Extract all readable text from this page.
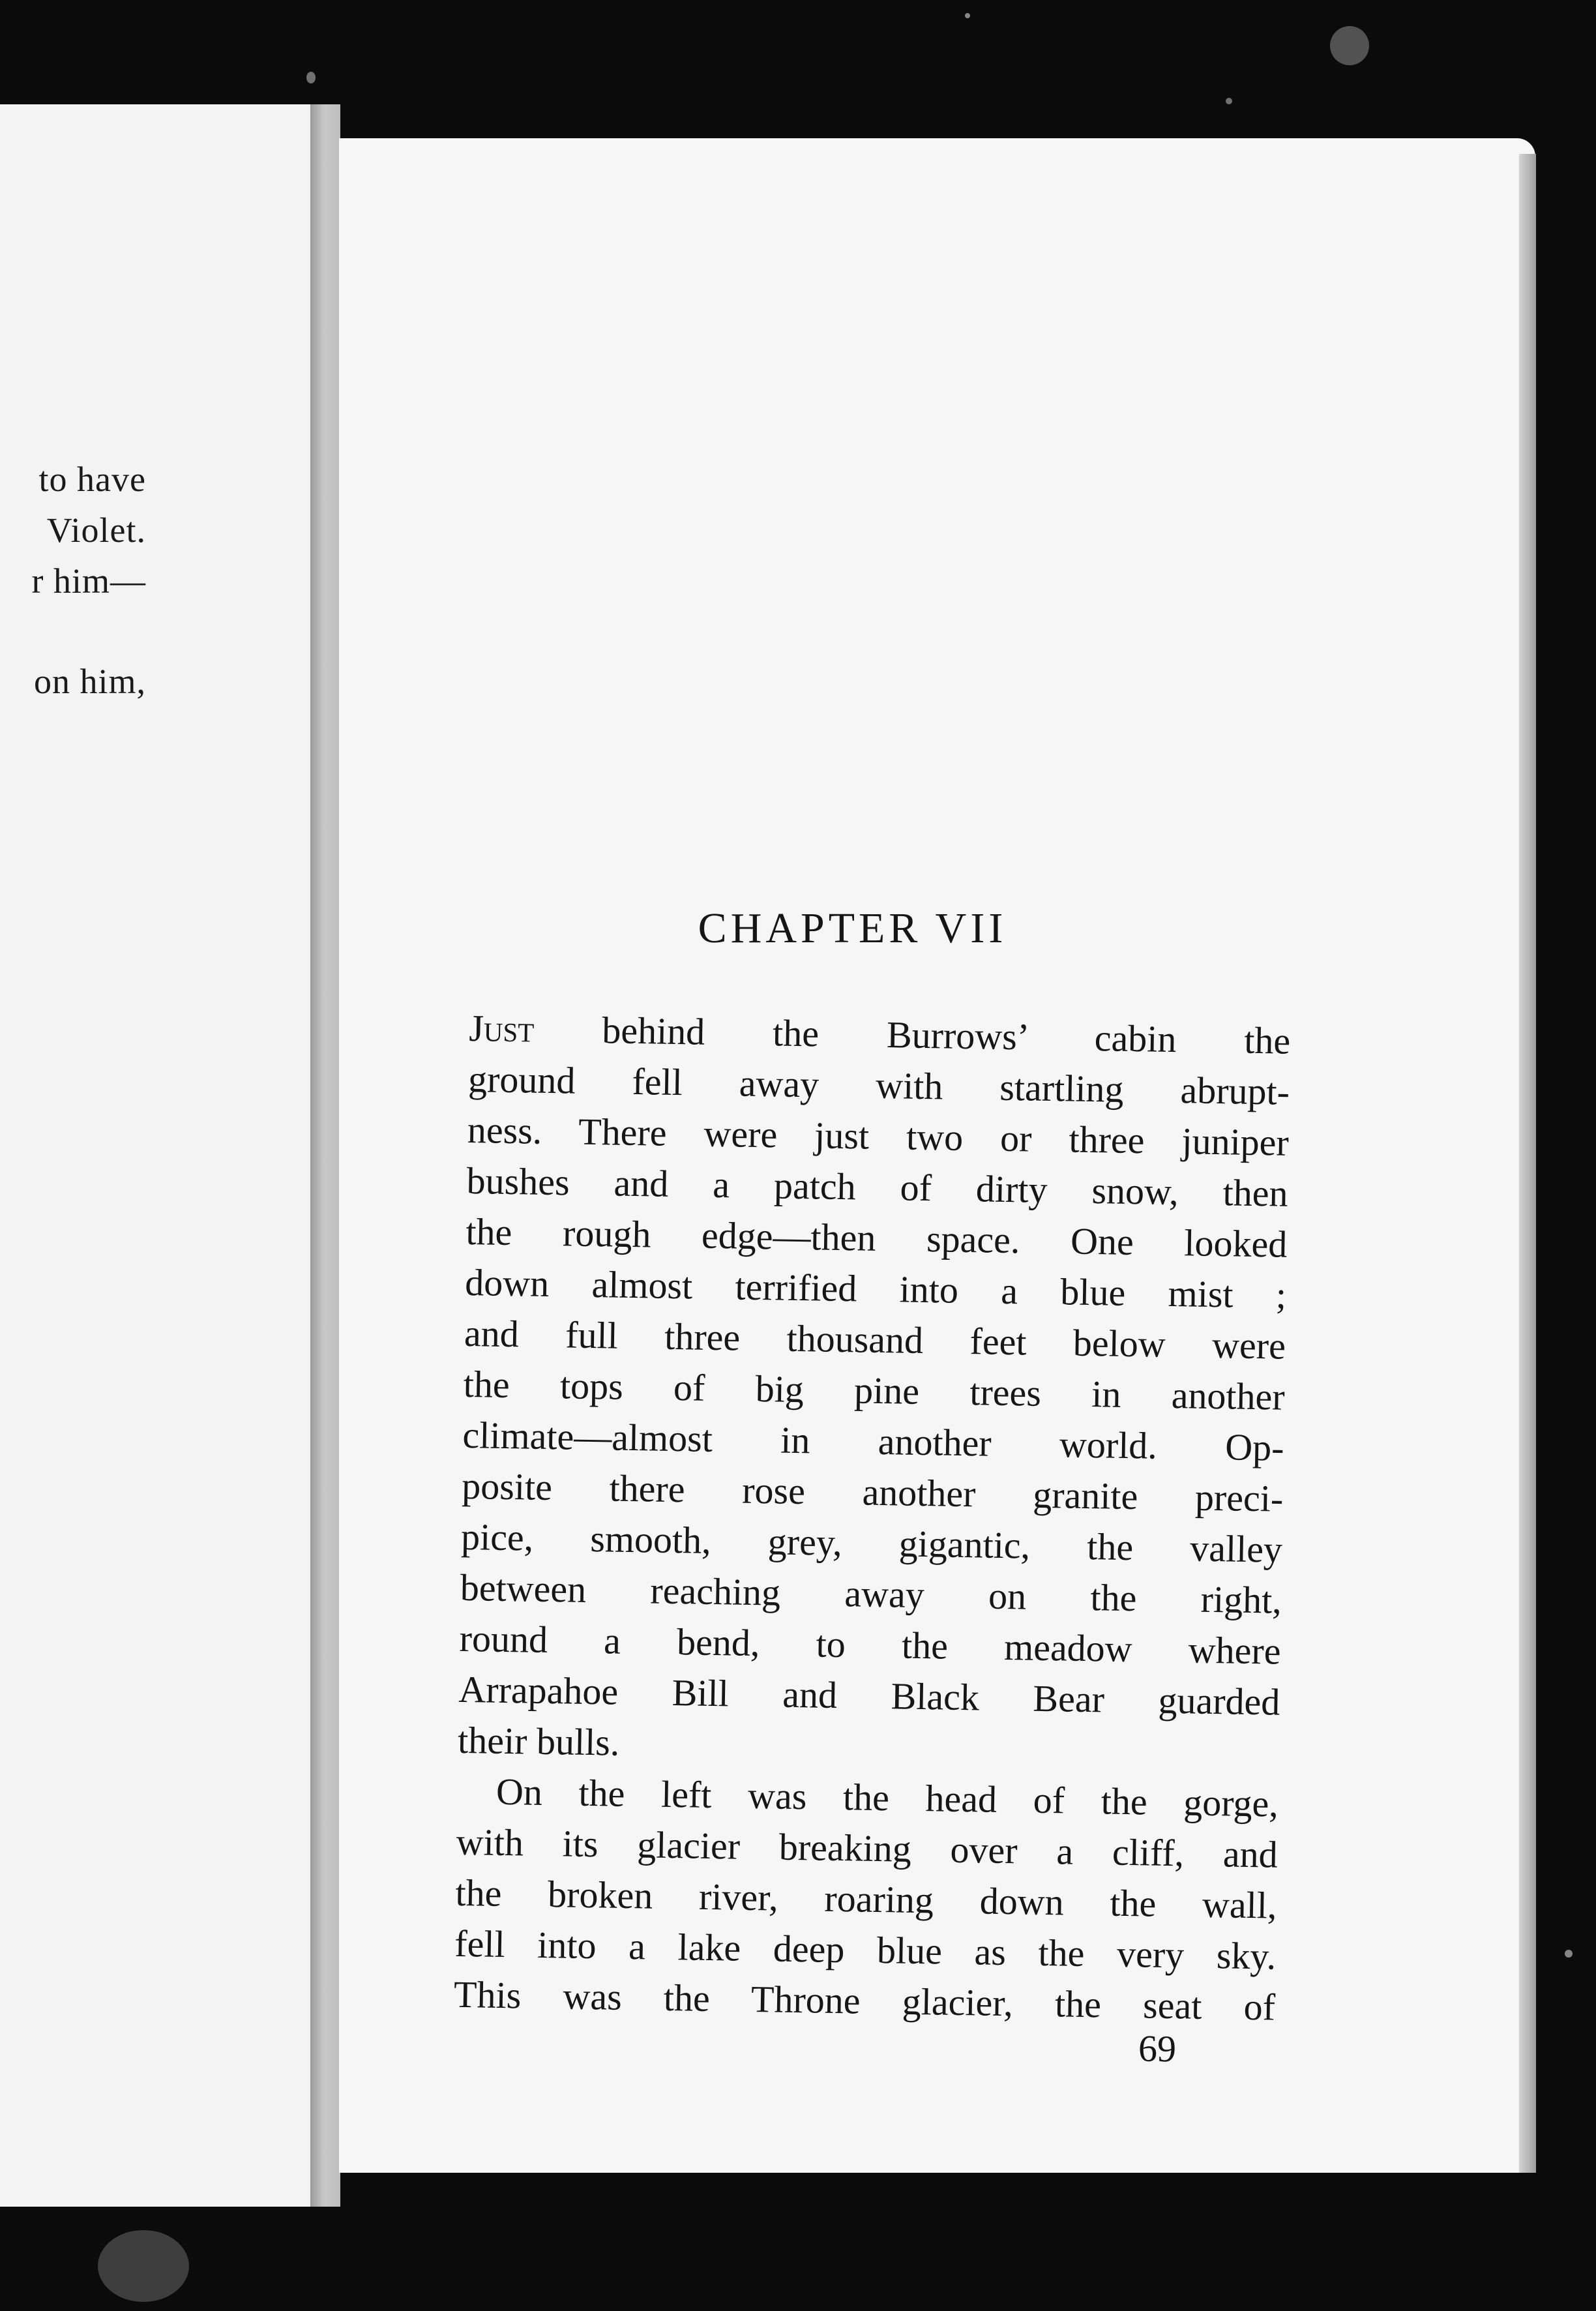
to have
Violet.
r him—
on him,
CHAPTER VII
Just behind the Burrows’ cabin the
ground fell away with startling abrupt-
ness. There were just two or three juniper
bushes and a patch of dirty snow, then
the rough edge—then space. One looked
down almost terrified into a blue mist ;
and full three thousand feet below were
the tops of big pine trees in another
climate—almost in another world. Op-
posite there rose another granite preci-
pice, smooth, grey, gigantic, the valley
between reaching away on the right,
round a bend, to the meadow where
Arrapahoe Bill and Black Bear guarded
their bulls.
On the left was the head of the gorge,
with its glacier breaking over a cliff, and
the broken river, roaring down the wall,
fell into a lake deep blue as the very sky.
This was the Throne glacier, the seat of
69
